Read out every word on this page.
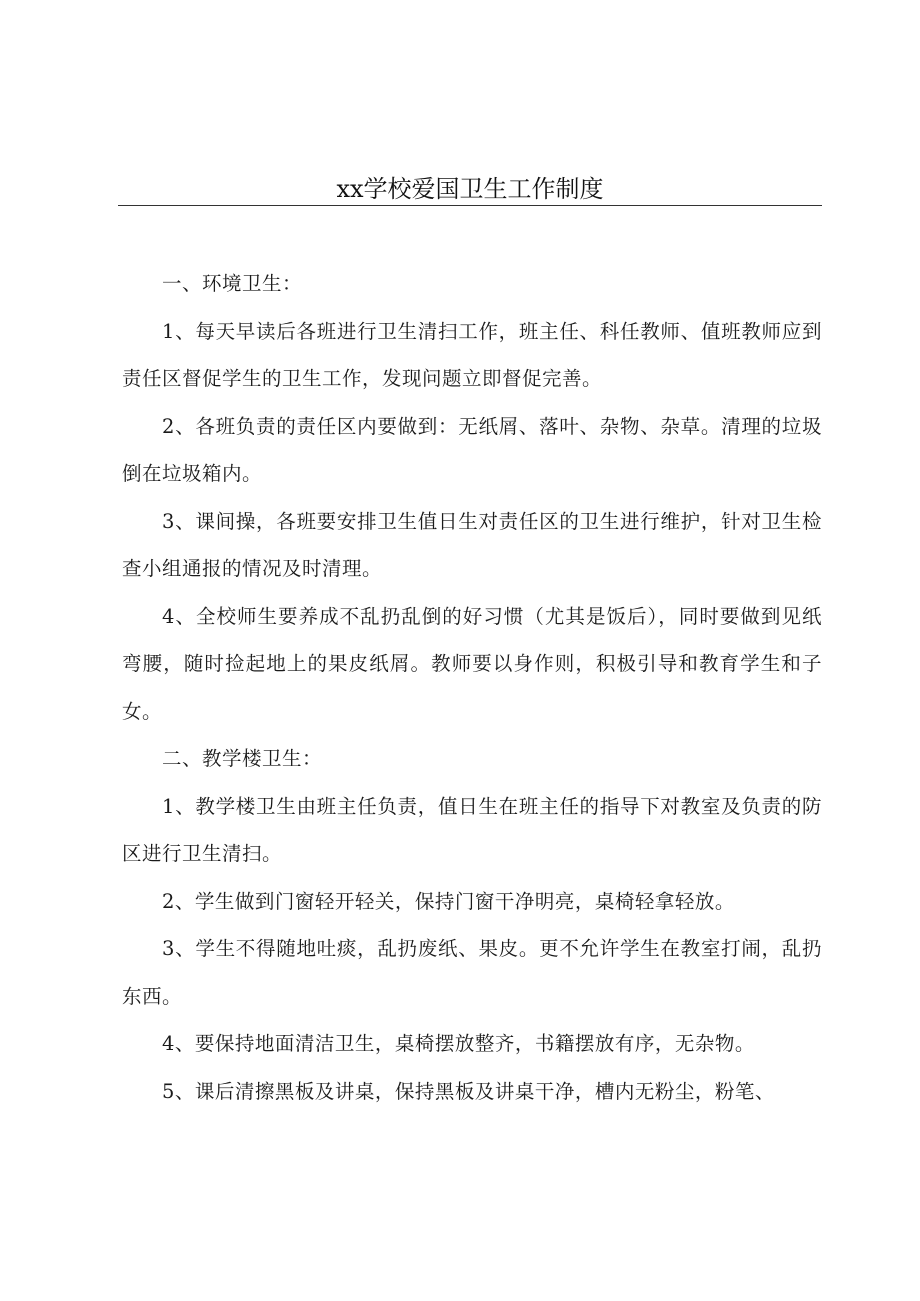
xx学校爱国卫生工作制度

一、环境卫生：

1、每天早读后各班进行卫生清扫工作，班主任、科任教师、值班教师应到责任区督促学生的卫生工作，发现问题立即督促完善。

2、各班负责的责任区内要做到：无纸屑、落叶、杂物、杂草。清理的垃圾倒在垃圾箱内。

3、课间操，各班要安排卫生值日生对责任区的卫生进行维护，针对卫生检查小组通报的情况及时清理。

4、全校师生要养成不乱扔乱倒的好习惯（尤其是饭后），同时要做到见纸弯腰，随时捡起地上的果皮纸屑。教师要以身作则，积极引导和教育学生和子女。

二、教学楼卫生：

1、教学楼卫生由班主任负责，值日生在班主任的指导下对教室及负责的防区进行卫生清扫。

2、学生做到门窗轻开轻关，保持门窗干净明亮，桌椅轻拿轻放。

3、学生不得随地吐痰，乱扔废纸、果皮。更不允许学生在教室打闹，乱扔东西。

4、要保持地面清洁卫生，桌椅摆放整齐，书籍摆放有序，无杂物。

5、课后清擦黑板及讲桌，保持黑板及讲桌干净，槽内无粉尘，粉笔、
